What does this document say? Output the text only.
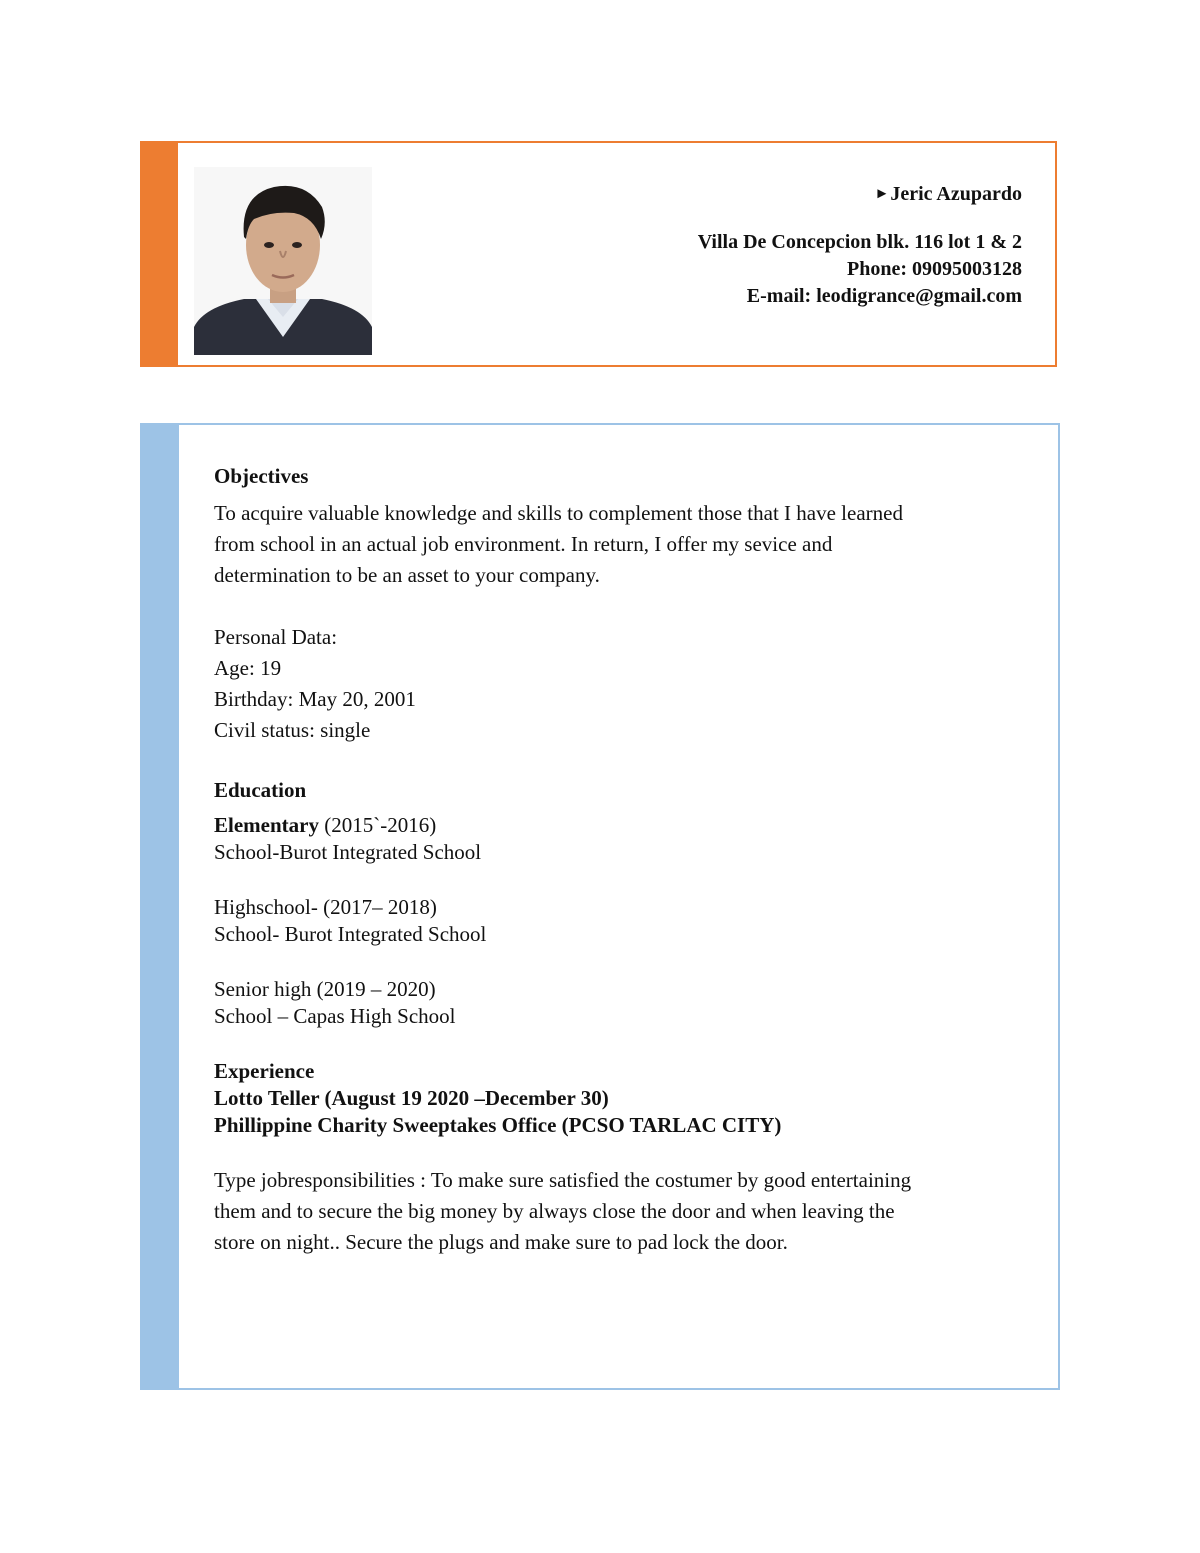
►Jeric Azupardo
Villa De Concepcion blk. 116 lot 1 & 2
Phone: 09095003128
E-mail: leodigrance@gmail.com
Objectives
To acquire valuable knowledge and skills to complement those that I have learned
from school in an actual job environment. In return, I offer my sevice and
determination to be an asset to your company.
Personal Data:
Age: 19
Birthday: May 20, 2001
Civil status: single
Education
Elementary (2015`-2016)
School-Burot Integrated School
Highschool- (2017– 2018)
School- Burot Integrated School
Senior high (2019 – 2020)
School – Capas High School
Experience
Lotto Teller (August 19 2020 –December 30)
Phillippine Charity Sweeptakes Office (PCSO TARLAC CITY)
Type jobresponsibilities : To make sure satisfied the costumer by good entertaining
them and to secure the big money by always close the door and when leaving the
store on night.. Secure the plugs and make sure to pad lock the door.
